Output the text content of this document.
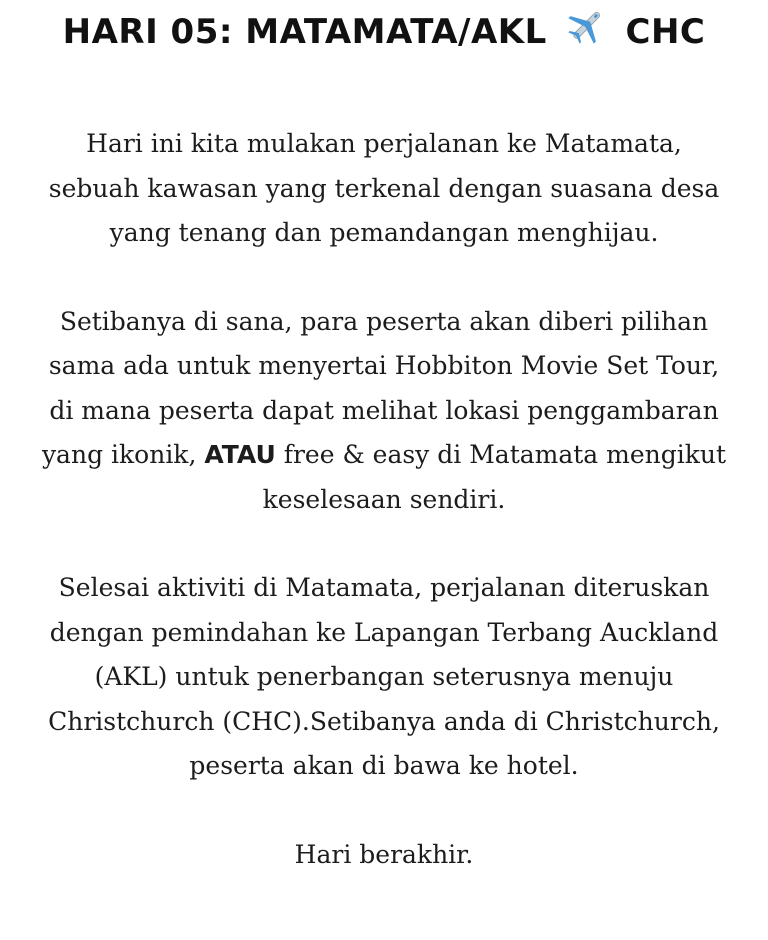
HARI 05: MATAMATA/AKL CHC

Hari ini kita mulakan perjalanan ke Matamata,
sebuah kawasan yang terkenal dengan suasana desa
yang tenang dan pemandangan menghijau.

Setibanya di sana, para peserta akan diberi pilihan
sama ada untuk menyertai Hobbiton Movie Set Tour,
di mana peserta dapat melihat lokasi penggambaran
yang ikonik, ATAU free & easy di Matamata mengikut
keselesaan sendiri.

Selesai aktiviti di Matamata, perjalanan diteruskan
dengan pemindahan ke Lapangan Terbang Auckland
(AKL) untuk penerbangan seterusnya menuju
Christchurch (CHC).Setibanya anda di Christchurch,
peserta akan di bawa ke hotel.

Hari berakhir.
